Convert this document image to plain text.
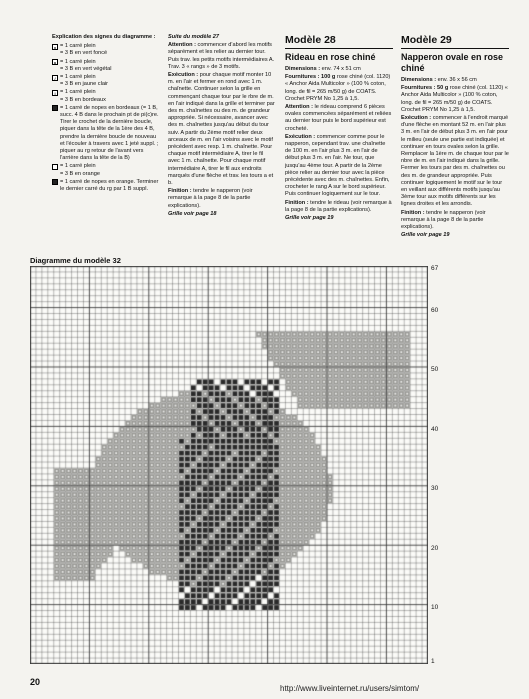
Explication des signes du diagramme :

x = 1 carré plein
= 3 B en vert foncé
o = 1 carré plein
= 3 B en vert végétal
/ = 1 carré plein
= 3 B en jaune clair
l = 1 carré plein
= 3 B en bordeaux
= 1 carré de nopes en bordeaux (= 1 B, succ. 4 B dans le prochain pt de pi(c)re. Tirer le crochet de la dernière boucle, piquer dans la tête de la 1ère des 4 B, prendre la dernière boucle de nouveau et l'écouler à travers avec 1 jeté suppl. ; piquer au rg retour de l'avant vers l'arrière dans la tête de la B)
= 1 carré plein
= 3 B en orange
= 1 carré de nopes en orange. Terminer le dernier carré du rg par 1 B suppl.

Suite du modèle 27

Attention : commencer d'abord les motifs séparément et les relier au dernier tour. Puis trav. les petits motifs intermédiaires A. Trav. 3 « rangs » de 3 motifs.

Exécution : pour chaque motif monter 10 m. en l'air et fermer en rond avec 1 m. chaînette. Continuer selon la grille en commençant chaque tour par le rbre de m. en l'air indiqué dans la grille et terminer par des m. chaînettes ou des m. de grandeur appropriée. Si nécessaire, avancer avec des m. chaînettes jusqu'au début du tour suiv. A partir du 2ème motif relier deux arceaux de m. en l'air voisins avec le motif précédent avec resp. 1 m. chaînette. Pour chaque motif intermédiaire A, tirer le fil avec 1 m. chaînette. Pour chaque motif intermédiaire A, tirer le fil aux endroits marqués d'une flèche et trav. les tours a et b.

Finition : tendre le napperon (voir remarque à la page 8 de la partie explications).

Grille voir page 18

Modèle 28
Rideau en rose chiné

Dimensions : env. 74 x 51 cm

Fournitures : 100 g rose chiné (col. 1120) « Anchor Aida Multicolor » (100 % coton, long. de fil = 265 m/50 g) de COATS. Crochet PRYM No 1,25 à 1,5.

Attention : le rideau comprend 6 pièces ovales commencées séparément et reliées au dernier tour puis le bord supérieur est crocheté.

Exécution : commencer comme pour le napperon, cependant trav. une chaînette de 100 m. en l'air plus 3 m. en l'air de début plus 3 m. en l'air. Ne tour, que jusqu'au 4ème tour. A partir de la 2ème pièce relier au dernier tour avec la pièce précédente avec des m. chaînettes. Enfin, crocheter le rang A sur le bord supérieur. Puis continuer logiquement sur le tour.

Finition : tendre le rideau (voir remarque à la page 8 de la partie explications).

Grille voir page 19

Modèle 29
Napperon ovale en rose chiné

Dimensions : env. 36 x 56 cm

Fournitures : 50 g rose chiné (col. 1120) « Anchor Aida Multicolor » (100 % coton, long. de fil = 265 m/50 g) de COATS. Crochet PRYM No 1,25 à 1,5.

Exécution : commencer à l'endroit marqué d'une flèche en montant 52 m. en l'air plus 3 m. en l'air de début plus 3 m. en l'air pour le milieu (seule une partie est indiquée) et continuer en tours ovales selon la grille. Remplacer la 1ère m. de chaque tour par le nbre de m. en l'air indiqué dans la grille. Fermer les tours par des m. chaînettes ou des m. de grandeur appropriée. Puis continuer logiquement le motif sur le tour en veillant aux différents motifs jusqu'au 3ème tour aux motifs différents sur les lignes droites et les arrondis.

Finition : tendre le napperon (voir remarque à la page 8 de la partie explications).

Grille voir page 19

Diagramme du modèle 32
67
60
50
40
30
20
10
1
20
http://www.liveinternet.ru/users/simtom/
